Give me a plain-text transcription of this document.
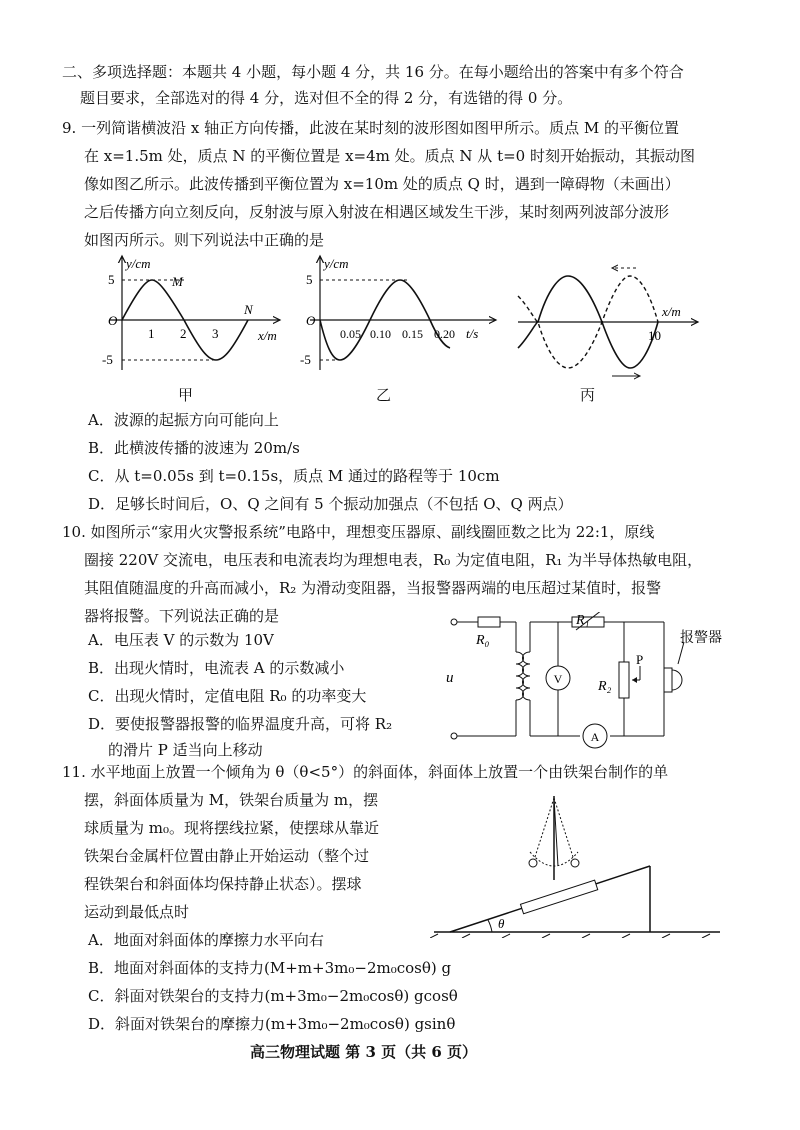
二、多项选择题：本题共 4 小题，每小题 4 分，共 16 分。在每小题给出的答案中有多个符合
题目要求，全部选对的得 4 分，选对但不全的得 2 分，有选错的得 0 分。
9. 一列简谐横波沿 x 轴正方向传播，此波在某时刻的波形图如图甲所示。质点 M 的平衡位置
在 x=1.5m 处，质点 N 的平衡位置是 x=4m 处。质点 N 从 t=0 时刻开始振动，其振动图
像如图乙所示。此波传播到平衡位置为 x=10m 处的质点 Q 时，遇到一障碍物（未画出）
之后传播方向立刻反向，反射波与原入射波在相遇区域发生干涉，某时刻两列波部分波形
如图丙所示。则下列说法中正确的是
y/cm
5
-5
O
1 2 3
M
N
x/m
甲
y/cm
5
-5
O
0.05 0.10 0.15 0.20 t/s
乙
10
x/m
丙
A．波源的起振方向可能向上
B．此横波传播的波速为 20m/s
C．从 t=0.05s 到 t=0.15s，质点 M 通过的路程等于 10cm
D．足够长时间后，O、Q 之间有 5 个振动加强点（不包括 O、Q 两点）
10. 如图所示“家用火灾警报系统”电路中，理想变压器原、副线圈匝数之比为 22:1，原线
圈接 220V 交流电，电压表和电流表均为理想电表，R₀ 为定值电阻，R₁ 为半导体热敏电阻，
其阻值随温度的升高而减小，R₂ 为滑动变阻器，当报警器两端的电压超过某值时，报警
器将报警。下列说法正确的是
A．电压表 V 的示数为 10V
B．出现火情时，电流表 A 的示数减小
C．出现火情时，定值电阻 R₀ 的功率变大
D．要使报警器报警的临界温度升高，可将 R₂
的滑片 P 适当向上移动
V
A
R₀
R₁
R₂
P
u
报警器
11. 水平地面上放置一个倾角为 θ（θ<5°）的斜面体，斜面体上放置一个由铁架台制作的单
摆，斜面体质量为 M，铁架台质量为 m，摆
球质量为 m₀。现将摆线拉紧，使摆球从靠近
铁架台金属杆位置由静止开始运动（整个过
程铁架台和斜面体均保持静止状态）。摆球
运动到最低点时
A．地面对斜面体的摩擦力水平向右
B．地面对斜面体的支持力(M+m+3m₀−2m₀cosθ) g
C．斜面对铁架台的支持力(m+3m₀−2m₀cosθ) gcosθ
D．斜面对铁架台的摩擦力(m+3m₀−2m₀cosθ) gsinθ
θ
高三物理试题 第 3 页（共 6 页）
